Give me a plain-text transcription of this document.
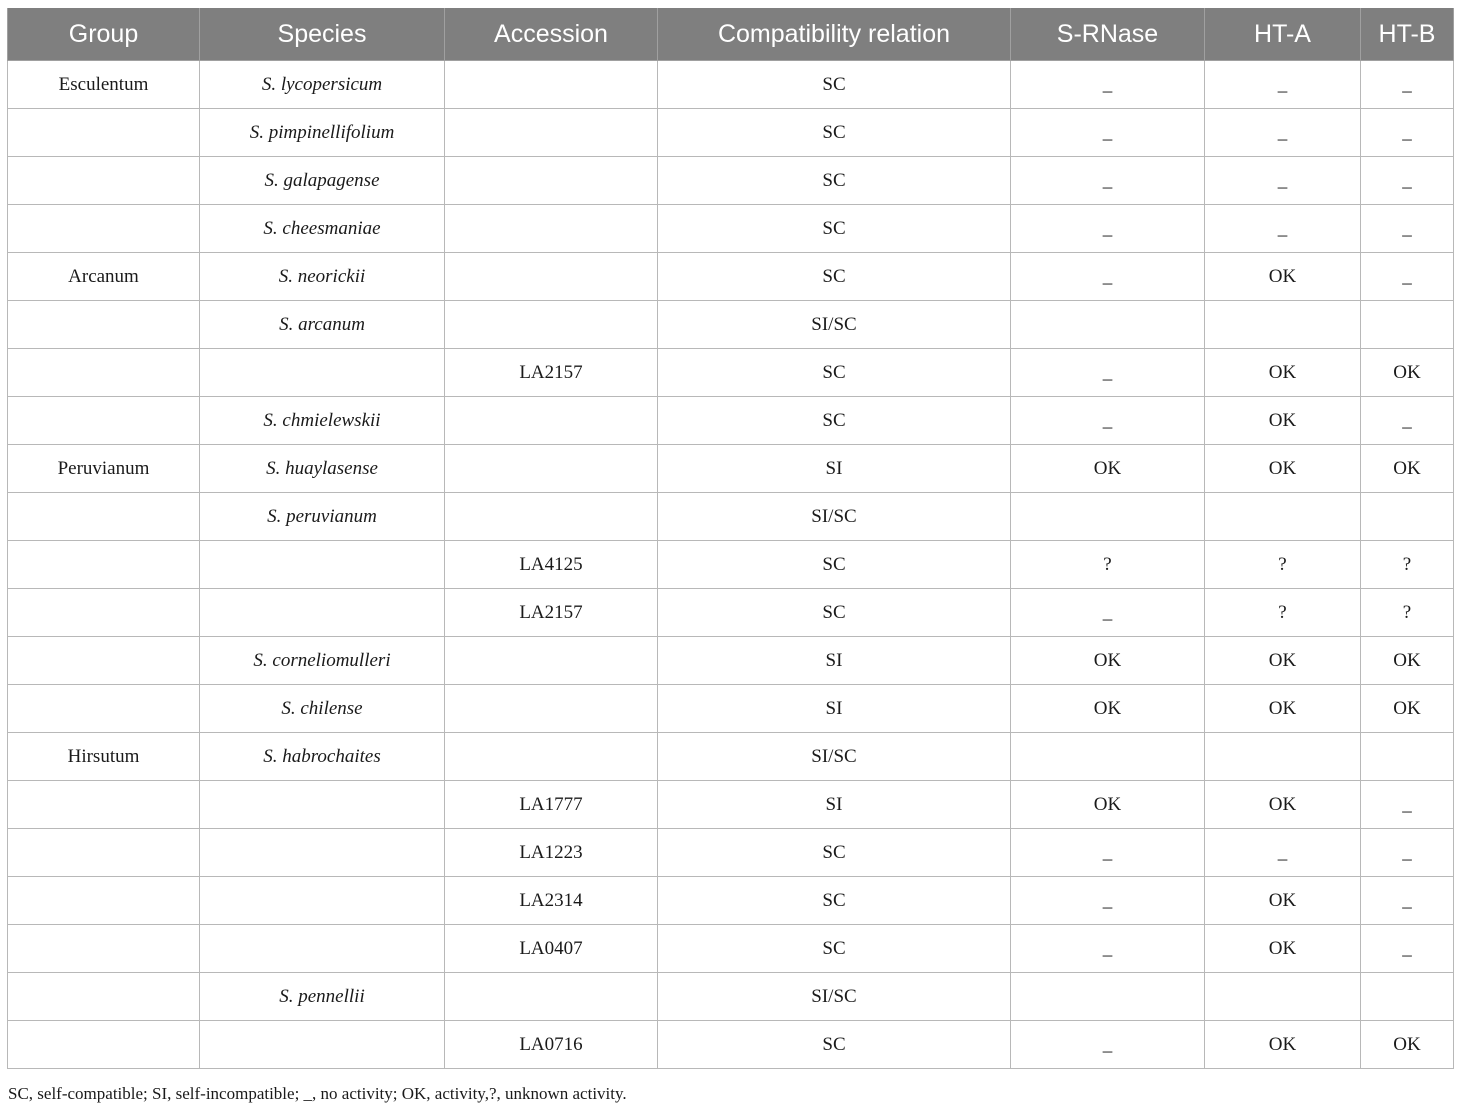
Group	Species	Accession	Compatibility relation	S-RNase	HT-A	HT-B
Esculentum	S. lycopersicum		SC	_	_	_
	S. pimpinellifolium		SC	_	_	_
	S. galapagense		SC	_	_	_
	S. cheesmaniae		SC	_	_	_
Arcanum	S. neorickii		SC	_	OK	_
	S. arcanum		SI/SC			
		LA2157	SC	_	OK	OK
	S. chmielewskii		SC	_	OK	_
Peruvianum	S. huaylasense		SI	OK	OK	OK
	S. peruvianum		SI/SC			
		LA4125	SC	?	?	?
		LA2157	SC	_	?	?
	S. corneliomulleri		SI	OK	OK	OK
	S. chilense		SI	OK	OK	OK
Hirsutum	S. habrochaites		SI/SC			
		LA1777	SI	OK	OK	_
		LA1223	SC	_	_	_
		LA2314	SC	_	OK	_
		LA0407	SC	_	OK	_
	S. pennellii		SI/SC			
		LA0716	SC	_	OK	OK
SC, self-compatible; SI, self-incompatible; _, no activity; OK, activity,?, unknown activity.
